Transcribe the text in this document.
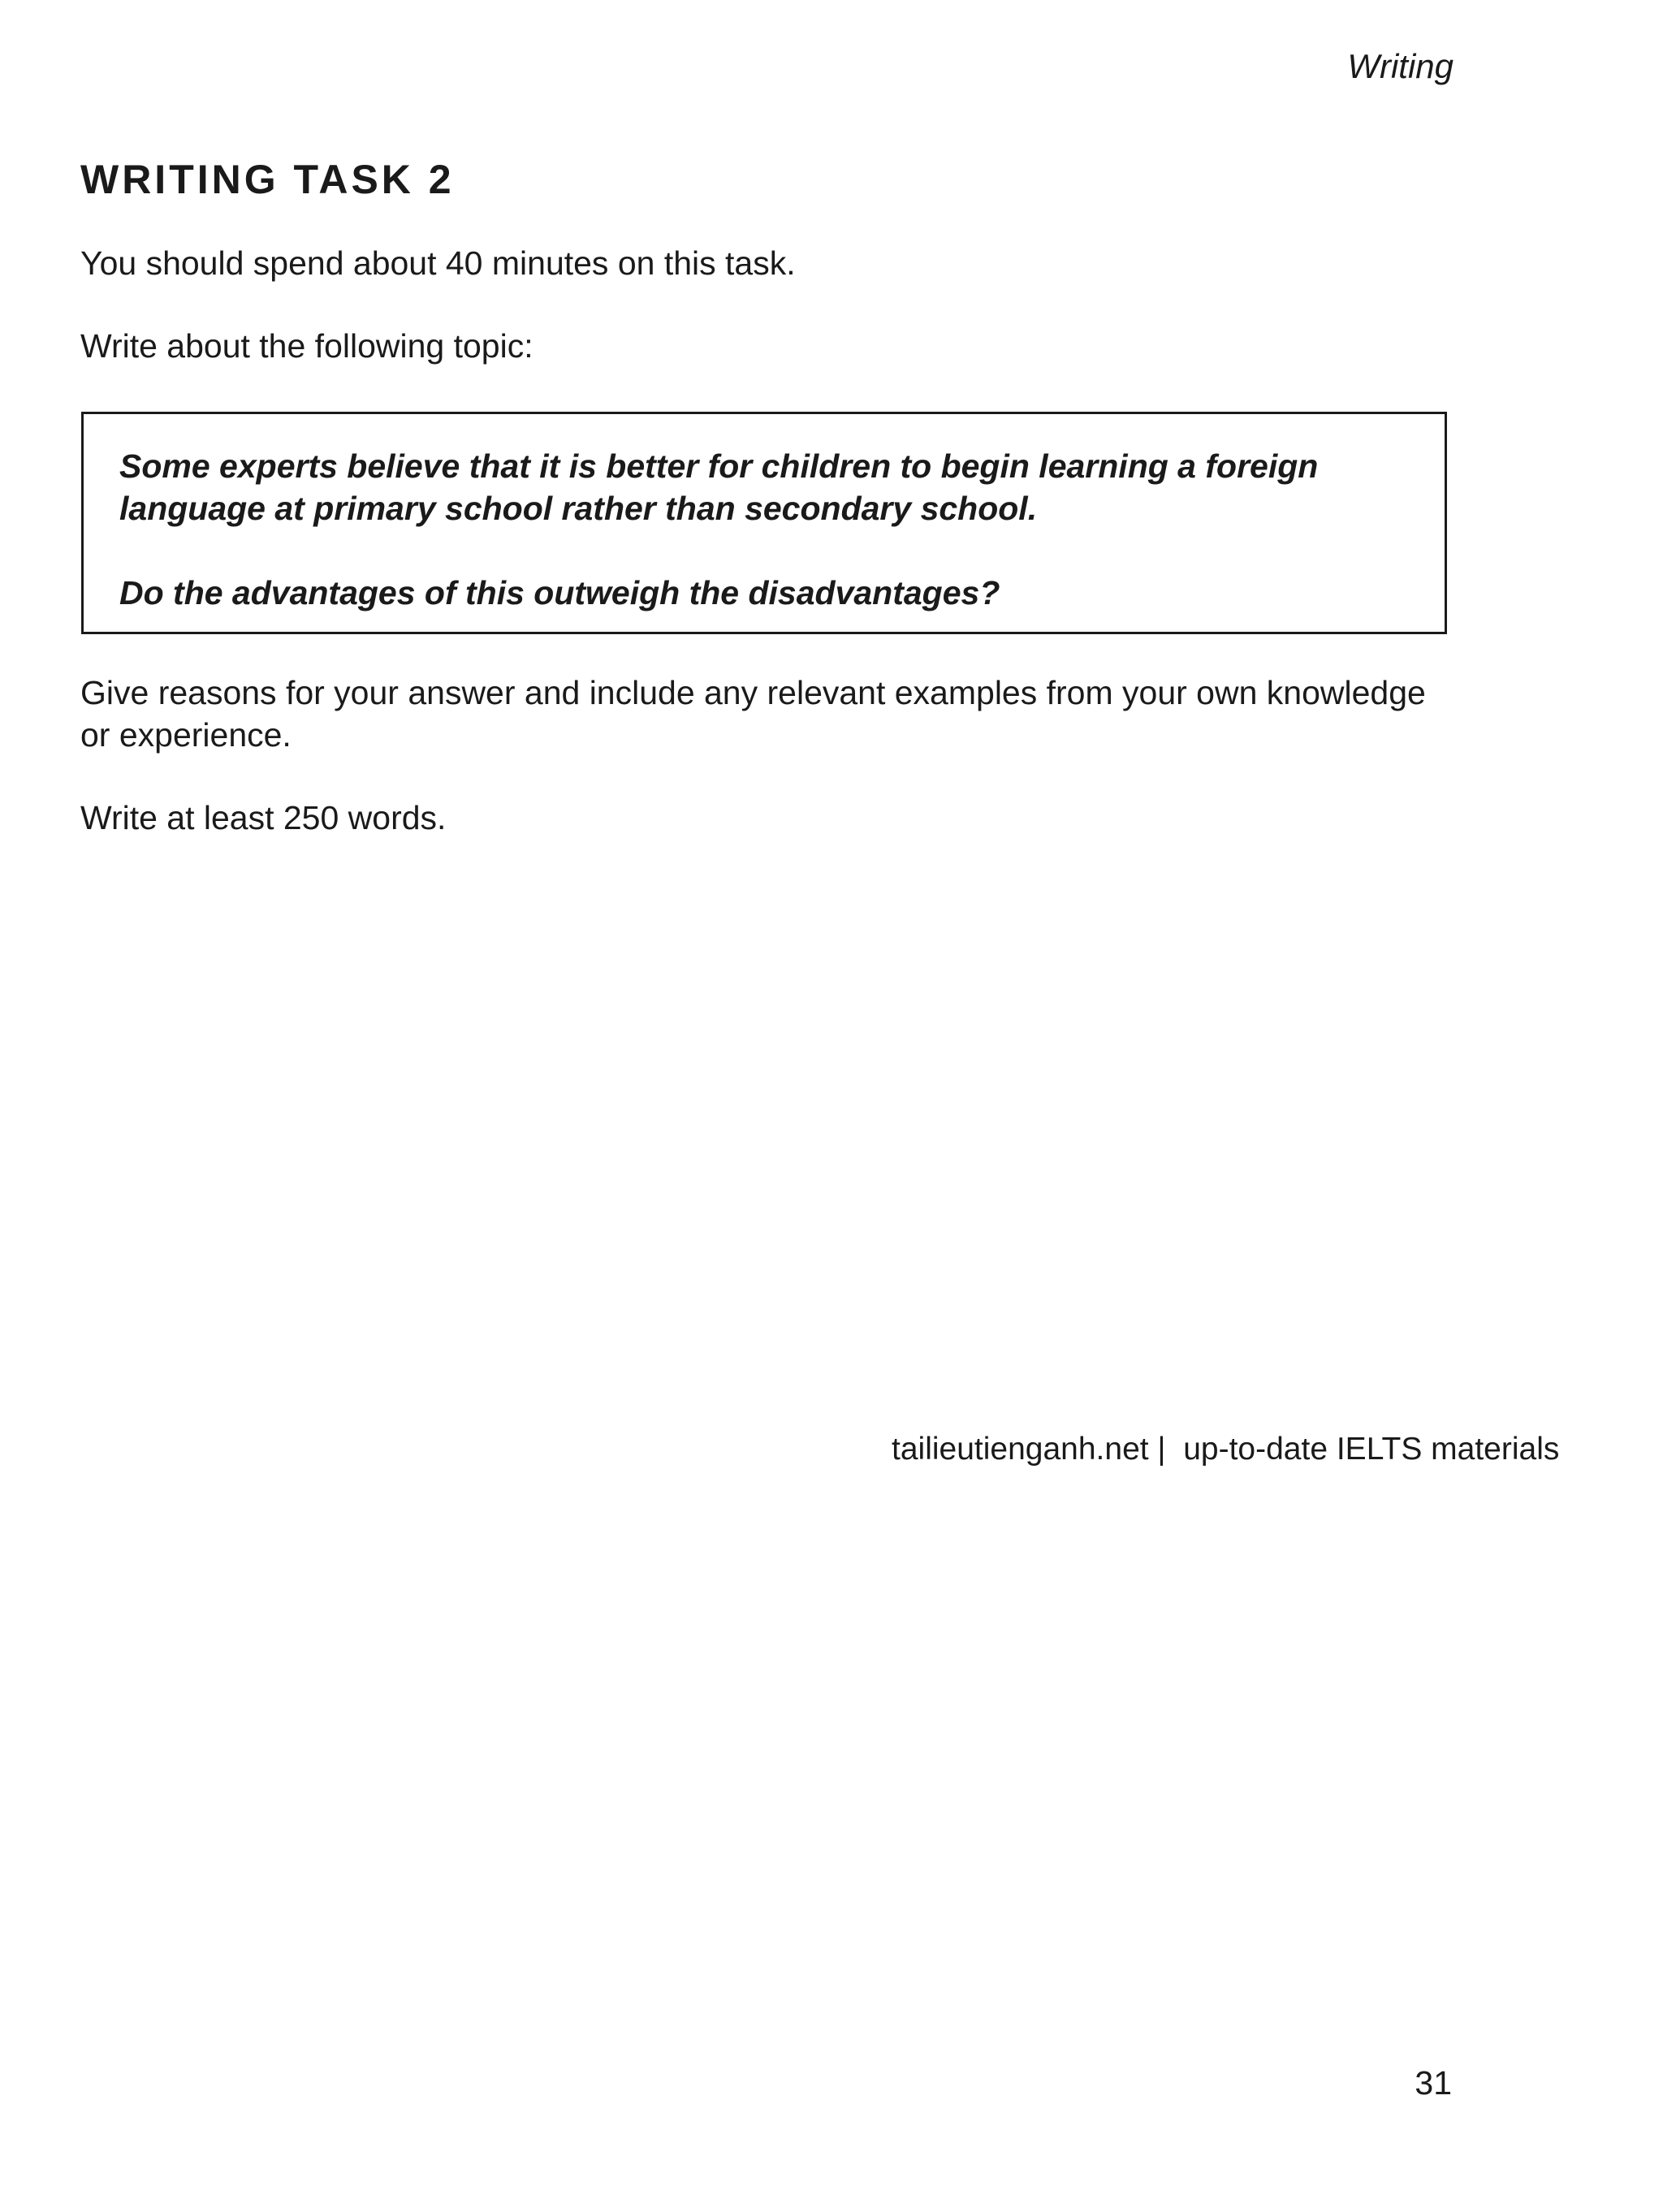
Writing
WRITING TASK 2

You should spend about 40 minutes on this task.

Write about the following topic:

Some experts believe that it is better for children to begin learning a foreign language at primary school rather than secondary school.

Do the advantages of this outweigh the disadvantages?

Give reasons for your answer and include any relevant examples from your own knowledge or experience.

Write at least 250 words.

tailieutienganh.net |  up-to-date IELTS materials

31
